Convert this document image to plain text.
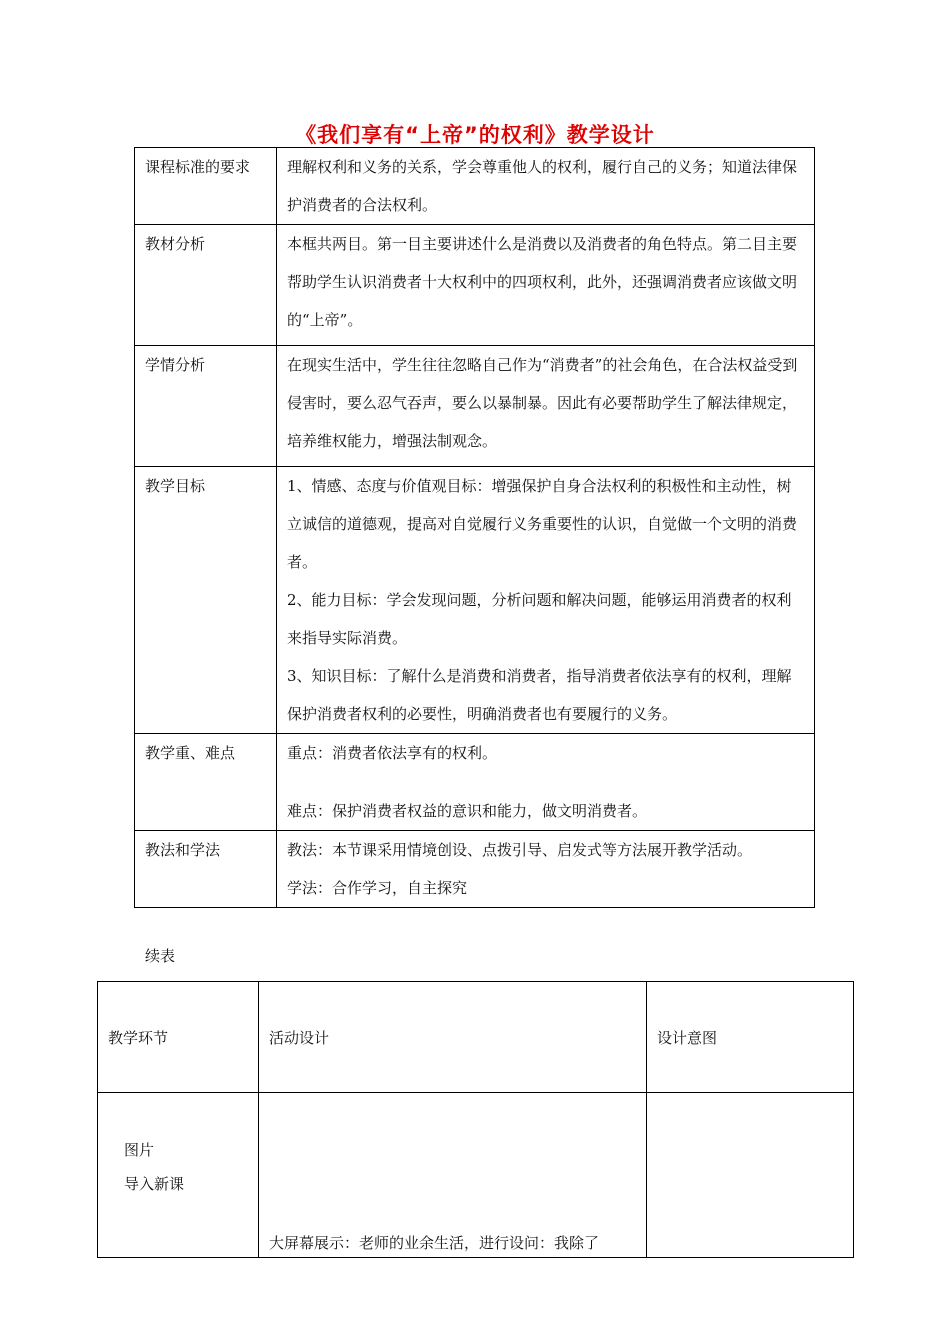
《我们享有“上帝”的权利》教学设计
课程标准的要求	理解权利和义务的关系，学会尊重他人的权利，履行自己的义务；知道法律保护消费者的合法权利。

教材分析	本框共两目。第一目主要讲述什么是消费以及消费者的角色特点。第二目主要帮助学生认识消费者十大权利中的四项权利，此外，还强调消费者应该做文明的“上帝”。

学情分析	在现实生活中，学生往往忽略自己作为“消费者”的社会角色，在合法权益受到侵害时，要么忍气吞声，要么以暴制暴。因此有必要帮助学生了解法律规定，培养维权能力，增强法制观念。

教学目标	1、情感、态度与价值观目标：增强保护自身合法权利的积极性和主动性，树立诚信的道德观，提高对自觉履行义务重要性的认识，自觉做一个文明的消费者。
2、能力目标：学会发现问题，分析问题和解决问题，能够运用消费者的权利来指导实际消费。
3、知识目标：了解什么是消费和消费者，指导消费者依法享有的权利，理解保护消费者权利的必要性，明确消费者也有要履行的义务。

教学重、难点	重点：消费者依法享有的权利。
难点：保护消费者权益的意识和能力，做文明消费者。

教法和学法	教法：本节课采用情境创设、点拨引导、启发式等方法展开教学活动。
学法：合作学习，自主探究
续表
教学环节	活动设计	设计意图

图片
导入新课	大屏幕展示：老师的业余生活，进行设问：我除了	
